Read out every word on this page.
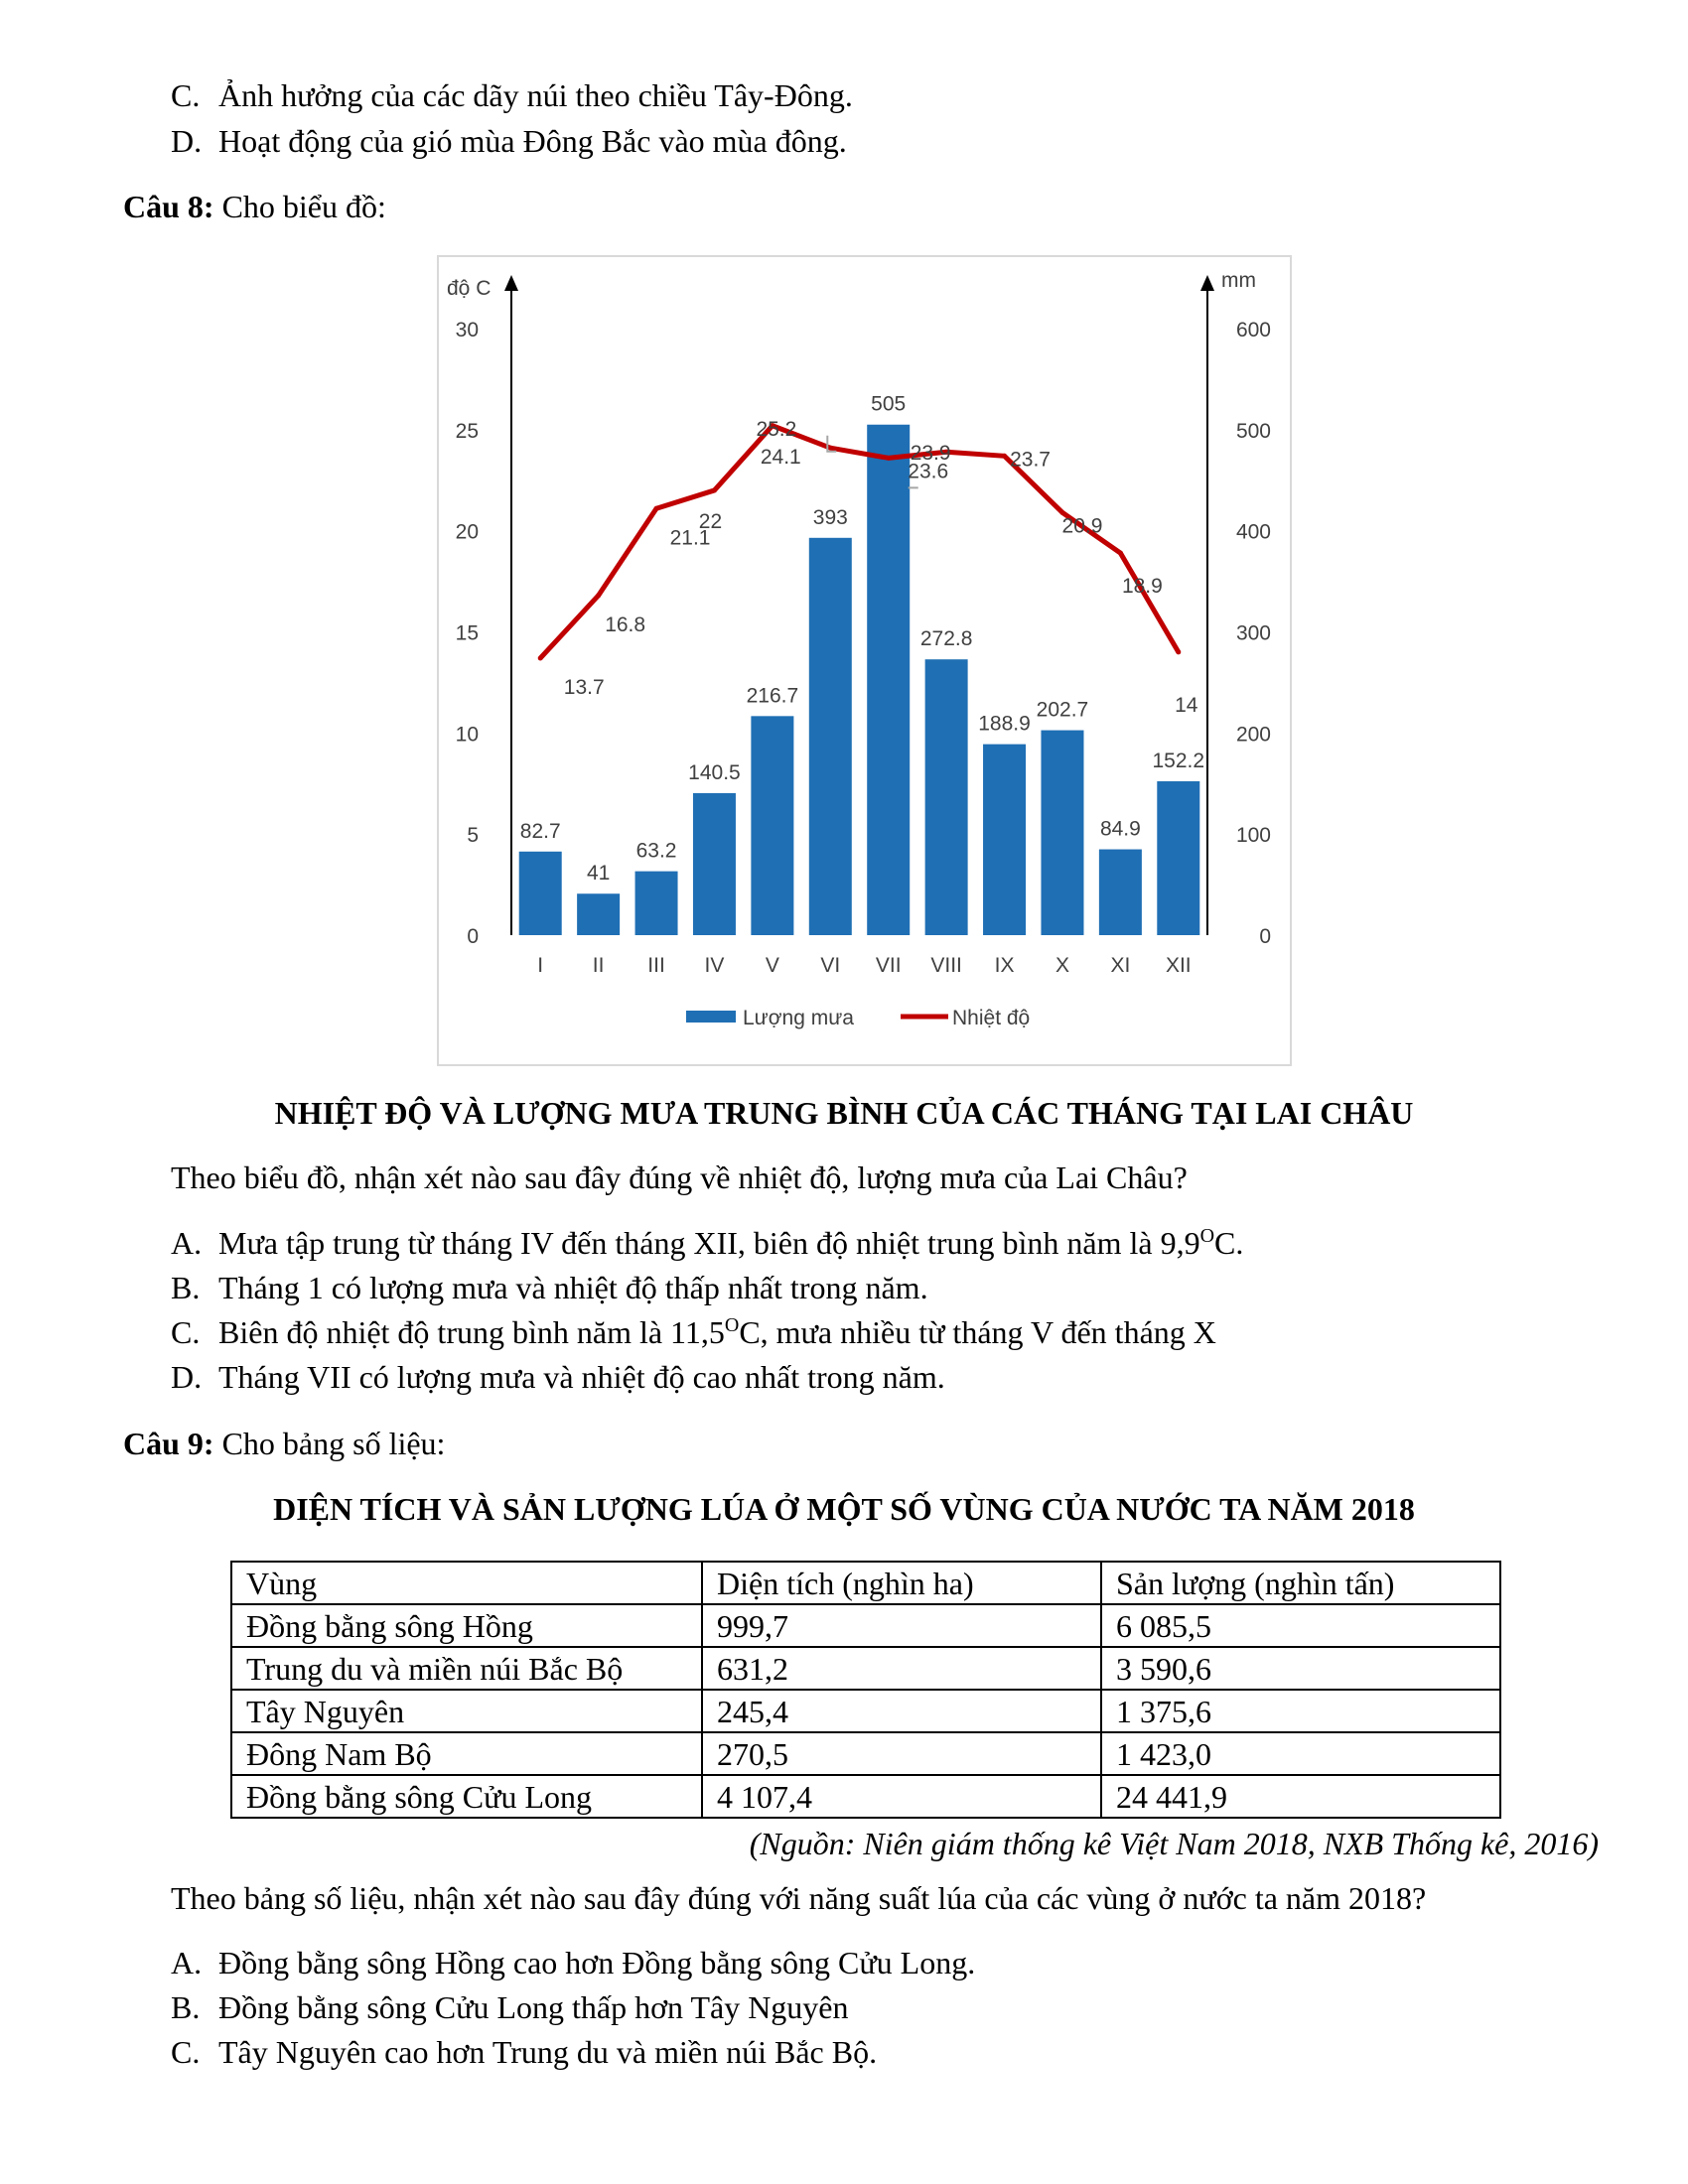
C. Ảnh hưởng của các dãy núi theo chiều Tây-Đông.
D. Hoạt động của gió mùa Đông Bắc vào mùa đông.
Câu 8: Cho biểu đồ:
độ C	mm
0
5
10
15
20
25
30
0
100
200
300
400
500
600
82.7
41
63.2
140.5
216.7
393
505
272.8
188.9
202.7
84.9
152.2
I II III IV V VI VII VIII IX X XI XII
13.7
16.8
21.1
22
25.2
24.1
23.6
23.9	23.7
20.9
18.9
14
Lượng mưa	Nhiệt độ
NHIỆT ĐỘ VÀ LƯỢNG MƯA TRUNG BÌNH CỦA CÁC THÁNG TẠI LAI CHÂU
Theo biểu đồ, nhận xét nào sau đây đúng về nhiệt độ, lượng mưa của Lai Châu?
A. Mưa tập trung từ tháng IV đến tháng XII, biên độ nhiệt trung bình năm là $9,9^OC$.
B. Tháng 1 có lượng mưa và nhiệt độ thấp nhất trong năm.
C. Biên độ nhiệt độ trung bình năm là $11,5^OC$, mưa nhiều từ tháng V đến tháng X
D. Tháng VII có lượng mưa và nhiệt độ cao nhất trong năm.
Câu 9: Cho bảng số liệu:
DIỆN TÍCH VÀ SẢN LƯỢNG LÚA Ở MỘT SỐ VÙNG CỦA NƯỚC TA NĂM 2018
Vùng	Diện tích (nghìn ha)	Sản lượng (nghìn tấn)
Đồng bằng sông Hồng	999,7	6 085,5
Trung du và miền núi Bắc Bộ	631,2	3 590,6
Tây Nguyên	245,4	1 375,6
Đông Nam Bộ	270,5	1 423,0
Đồng bằng sông Cửu Long	4 107,4	24 441,9
(Nguồn: Niên giám thống kê Việt Nam 2018, NXB Thống kê, 2016)
Theo bảng số liệu, nhận xét nào sau đây đúng với năng suất lúa của các vùng ở nước ta năm 2018?
A. Đồng bằng sông Hồng cao hơn Đồng bằng sông Cửu Long.
B. Đồng bằng sông Cửu Long thấp hơn Tây Nguyên
C. Tây Nguyên cao hơn Trung du và miền núi Bắc Bộ.
